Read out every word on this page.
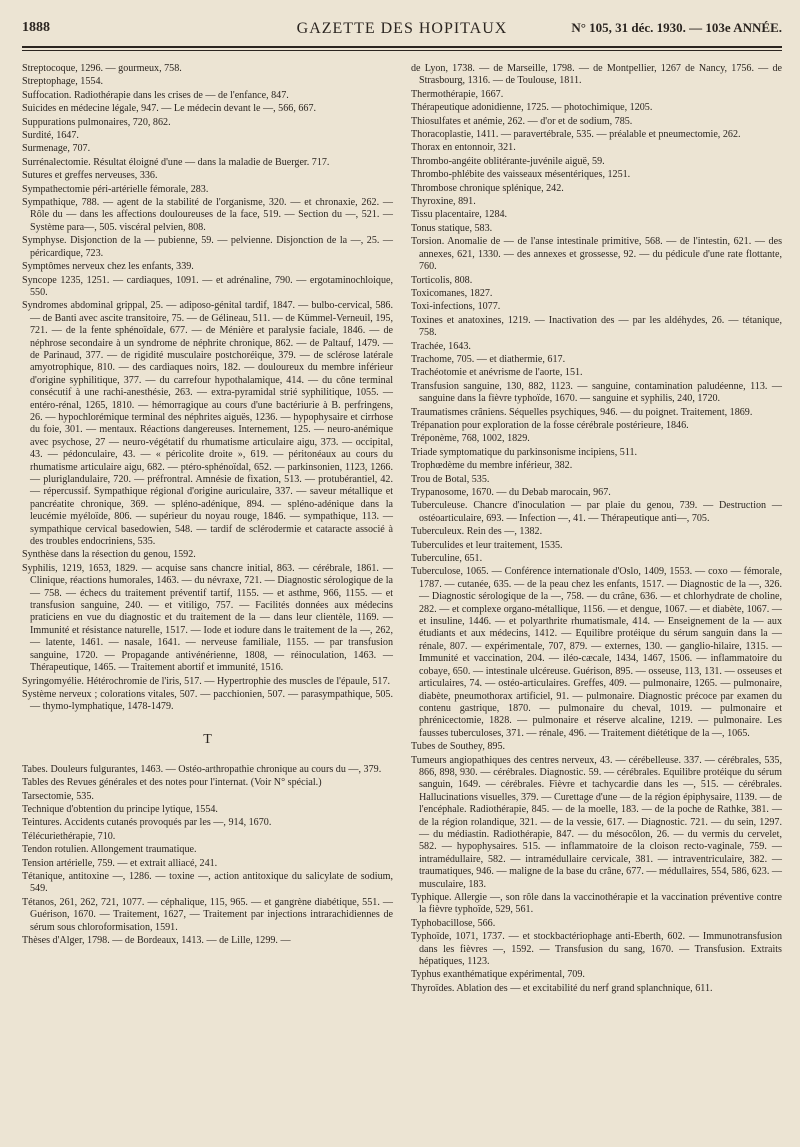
1888	GAZETTE DES HOPITAUX	N° 105, 31 déc. 1930. — 103e ANNÉE.

Streptocoque, 1296. — gourmeux, 758.

Streptophage, 1554.

Suffocation. Radiothérapie dans les crises de — de l'enfance, 847.

Suicides en médecine légale, 947. — Le médecin devant le —, 566, 667.

Suppurations pulmonaires, 720, 862.

Surdité, 1647.

Surmenage, 707.

Surrénalectomie. Résultat éloigné d'une — dans la maladie de Buerger. 717.

Sutures et greffes nerveuses, 336.

Sympathectomie péri-artérielle fémorale, 283.

Sympathique, 788. — agent de la stabilité de l'organisme, 320. — et chronaxie, 262. — Rôle du — dans les affections douloureuses de la face, 519. — Section du —, 521. — Système para—, 505. viscéral pelvien, 808.

Symphyse. Disjonction de la — pubienne, 59. — pelvienne. Disjonction de la —, 25. — péricardique, 723.

Symptômes nerveux chez les enfants, 339.

Syncope 1235, 1251. — cardiaques, 1091. — et adrénaline, 790. — ergotaminochloique, 550.

Syndromes abdominal grippal, 25. — adiposo-génital tardif, 1847. — bulbo-cervical, 586. — de Banti avec ascite transitoire, 75. — de Gélineau, 511. — de Kümmel-Verneuil, 195, 721. — de la fente sphénoïdale, 677. — de Ménière et paralysie faciale, 1846. — de néphrose secondaire à un syndrome de néphrite chronique, 862. — de Paltauf, 1479. — de Parinaud, 377. — de rigidité musculaire postchoréique, 379. — de sclérose latérale amyotrophique, 810. — des cardiaques noirs, 182. — douloureux du membre inférieur d'origine syphilitique, 377. — du carrefour hypothalamique, 414. — du cône terminal consécutif à une rachi-anesthésie, 263. — extra-pyramidal strié syphilitique, 1055. — entéro-rénal, 1265, 1810. — hémorragique au cours d'une bactériurie à B. perfringens, 26. — hypochlorémique terminal des néphrites aiguës, 1236. — hypophysaire et cirrhose du foie, 301. — mentaux. Réactions dangereuses. Internement, 125. — neuro-anémique avec psychose, 27 — neuro-végétatif du rhumatisme articulaire aigu, 373. — occipital, 43. — pédonculaire, 43. — « péricolite droite », 619. — péritonéaux au cours du rhumatisme articulaire aigu, 682. — ptéro-sphénoïdal, 652. — parkinsonien, 1123, 1266. — pluriglandulaire, 720. — préfrontral. Amnésie de fixation, 513. — protubérantiel, 42. — répercussif. Sympathique régional d'origine auriculaire, 337. — saveur métallique et pancréatite chronique, 369. — spléno-adénique, 894. — spléno-adénique dans la leucémie myéloïde, 806. — supérieur du noyau rouge, 1846. — sympathique, 113. — sympathique cervical basedowien, 548. — tardif de sclérodermie et cataracte associé à des troubles endocriniens, 535.

Synthèse dans la résection du genou, 1592.

Syphilis, 1219, 1653, 1829. — acquise sans chancre initial, 863. — cérébrale, 1861. — Clinique, réactions humorales, 1463. — du névraxe, 721. — Diagnostic sérologique de la — 758. — échecs du traitement préventif tartif, 1155. — et asthme, 966, 1155. — et transfusion sanguine, 240. — et vitiligo, 757. — Facilités données aux médecins praticiens en vue du diagnostic et du traitement de la — dans leur clientèle, 1169. — Immunité et résistance naturelle, 1517. — Iode et iodure dans le traitement de la —, 262, — latente, 1461. — nasale, 1641. — nerveuse familiale, 1155. — par transfusion sanguine, 1720. — Propagande antivénérienne, 1808, — réinoculation, 1463. — Thérapeutique, 1465. — Traitement abortif et immunité, 1516.

Syringomyélie. Hétérochromie de l'iris, 517. — Hypertrophie des muscles de l'épaule, 517.

Système nerveux ; colorations vitales, 507. — pacchionien, 507. — parasympathique, 505. — thymo-lymphatique, 1478-1479.

T

Tabes. Douleurs fulgurantes, 1463. — Ostéo-arthropathie chronique au cours du —, 379.

Tables des Revues générales et des notes pour l'internat. (Voir N° spécial.)

Tarsectomie, 535.

Technique d'obtention du principe lytique, 1554.

Teintures. Accidents cutanés provoqués par les —, 914, 1670.

Télécuriethérapie, 710.

Tendon rotulien. Allongement traumatique.

Tension artérielle, 759. — et extrait alliacé, 241.

Tétanique, antitoxine —, 1286. — toxine —, action antitoxique du salicylate de sodium, 549.

Tétanos, 261, 262, 721, 1077. — céphalique, 115, 965. — et gangrène diabétique, 551. — Guérison, 1670. — Traitement, 1627, — Traitement par injections intrarachidiennes de sérum sous chloroformisation, 1591.

Thèses d'Alger, 1798. — de Bordeaux, 1413. — de Lille, 1299. —

de Lyon, 1738. — de Marseille, 1798. — de Montpellier, 1267 de Nancy, 1756. — de Strasbourg, 1316. — de Toulouse, 1811.

Thermothérapie, 1667.

Thérapeutique adonidienne, 1725. — photochimique, 1205.

Thiosulfates et anémie, 262. — d'or et de sodium, 785.

Thoracoplastie, 1411. — paravertébrale, 535. — préalable et pneumectomie, 262.

Thorax en entonnoir, 321.

Thrombo-angéite oblitérante-juvénile aiguë, 59.

Thrombo-phlébite des vaisseaux mésentériques, 1251.

Thrombose chronique splénique, 242.

Thyroxine, 891.

Tissu placentaire, 1284.

Tonus statique, 583.

Torsion. Anomalie de — de l'anse intestinale primitive, 568. — de l'intestin, 621. — des annexes, 621, 1330. — des annexes et grossesse, 92. — du pédicule d'une rate flottante, 760.

Torticolis, 808.

Toxicomanes, 1827.

Toxi-infections, 1077.

Toxines et anatoxines, 1219. — Inactivation des — par les aldéhydes, 26. — tétanique, 758.

Trachée, 1643.

Trachome, 705. — et diathermie, 617.

Trachéotomie et anévrisme de l'aorte, 151.

Transfusion sanguine, 130, 882, 1123. — sanguine, contamination paludéenne, 113. — sanguine dans la fièvre typhoïde, 1670. — sanguine et syphilis, 240, 1720.

Traumatismes crâniens. Séquelles psychiques, 946. — du poignet. Traitement, 1869.

Trépanation pour exploration de la fosse cérébrale postérieure, 1846.

Tréponème, 768, 1002, 1829.

Triade symptomatique du parkinsonisme incipiens, 511.

Trophœdème du membre inférieur, 382.

Trou de Botal, 535.

Trypanosome, 1670. — du Debab marocain, 967.

Tuberculeuse. Chancre d'inoculation — par plaie du genou, 739. — Destruction — ostéoarticulaire, 693. — Infection —, 41. — Thérapeutique anti—, 705.

Tuberculeux. Rein des —, 1382.

Tuberculides et leur traitement, 1535.

Tuberculine, 651.

Tuberculose, 1065. — Conférence internationale d'Oslo, 1409, 1553. — coxo — fémorale, 1787. — cutanée, 635. — de la peau chez les enfants, 1517. — Diagnostic de la —, 326. — Diagnostic sérologique de la —, 758. — du crâne, 636. — et chlorhydrate de choline, 282. — et complexe organo-métallique, 1156. — et dengue, 1067. — et diabète, 1067. — et insuline, 1446. — et polyarthrite rhumatismale, 414. — Enseignement de la — aux étudiants et aux médecins, 1412. — Equilibre protéique du sérum sanguin dans la — rénale, 807. — expérimentale, 707, 879. — externes, 130. — ganglio-hilaire, 1315. — Immunité et vaccination, 204. — iléo-cæcale, 1434, 1467, 1506. — inflammatoire du cobaye, 650. — intestinale ulcéreuse. Guérison, 895. — osseuse, 113, 131. — osseuses et articulaires, 74. — ostéo-articulaires. Greffes, 409. — pulmonaire, 1265. — pulmonaire, diabète, pneumothorax artificiel, 91. — pulmonaire. Diagnostic précoce par examen du contenu gastrique, 1870. — pulmonaire du cheval, 1019. — pulmonaire et phrénicectomie, 1828. — pulmonaire et réserve alcaline, 1219. — pulmonaire. Les fausses tuberculoses, 371. — rénale, 496. — Traitement diététique de la —, 1065.

Tubes de Southey, 895.

Tumeurs angiopathiques des centres nerveux, 43. — cérébelleuse. 337. — cérébrales, 535, 866, 898, 930. — cérébrales. Diagnostic. 59. — cérébrales. Equilibre protéique du sérum sanguin, 1649. — cérébrales. Fièvre et tachycardie dans les —, 515. — cérébrales. Hallucinations visuelles, 379. — Curettage d'une — de la région épiphysaire, 1139. — de l'encéphale. Radiothérapie, 845. — de la moelle, 183. — de la poche de Rathke, 381. — de la région rolandique, 321. — de la vessie, 617. — Diagnostic. 721. — du sein, 1297. — du médiastin. Radiothérapie, 847. — du mésocôlon, 26. — du vermis du cervelet, 582. — hypophysaires. 515. — inflammatoire de la cloison recto-vaginale, 759. — intramédullaire, 582. — intramédullaire cervicale, 381. — intraventriculaire, 382. — traumatiques, 946. — maligne de la base du crâne, 677. — médullaires, 554, 586, 623. — musculaire, 183.

Typhique. Allergie —, son rôle dans la vaccinothérapie et la vaccination préventive contre la fièvre typhoïde, 529, 561.

Typhobacillose, 566.

Typhoïde, 1071, 1737. — et stockbactériophage anti-Eberth, 602. — Immunotransfusion dans les fièvres —, 1592. — Transfusion du sang, 1670. — Transfusion. Extraits hépatiques, 1123.

Typhus exanthématique expérimental, 709.

Thyroïdes. Ablation des — et excitabilité du nerf grand splanchnique, 611.
